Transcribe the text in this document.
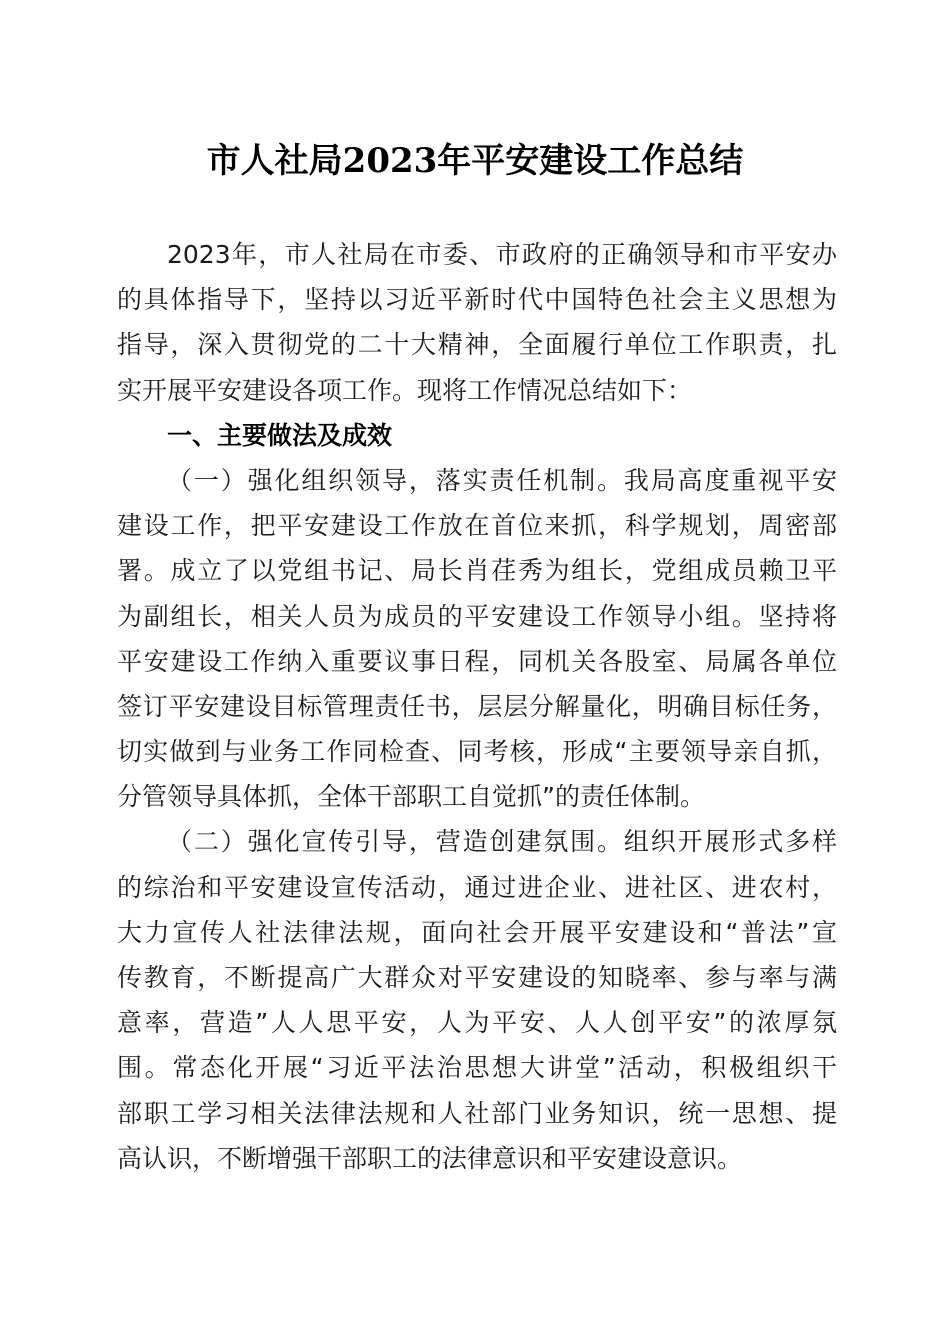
市人社局2023年平安建设工作总结
2023年，市人社局在市委、市政府的正确领导和市平安办
的具体指导下，坚持以习近平新时代中国特色社会主义思想为
指导，深入贯彻党的二十大精神，全面履行单位工作职责，扎
实开展平安建设各项工作。现将工作情况总结如下：
一、主要做法及成效
（一）强化组织领导，落实责任机制。我局高度重视平安
建设工作，把平安建设工作放在首位来抓，科学规划，周密部
署。成立了以党组书记、局长肖荏秀为组长，党组成员赖卫平
为副组长，相关人员为成员的平安建设工作领导小组。坚持将
平安建设工作纳入重要议事日程，同机关各股室、局属各单位
签订平安建设目标管理责任书，层层分解量化，明确目标任务，
切实做到与业务工作同检查、同考核，形成“主要领导亲自抓，
分管领导具体抓，全体干部职工自觉抓”的责任体制。
（二）强化宣传引导，营造创建氛围。组织开展形式多样
的综治和平安建设宣传活动，通过进企业、进社区、进农村，
大力宣传人社法律法规，面向社会开展平安建设和“普法”宣
传教育，不断提高广大群众对平安建设的知晓率、参与率与满
意率，营造”人人思平安，人为平安、人人创平安”的浓厚氛
围。常态化开展“习近平法治思想大讲堂”活动，积极组织干
部职工学习相关法律法规和人社部门业务知识，统一思想、提
高认识，不断增强干部职工的法律意识和平安建设意识。
